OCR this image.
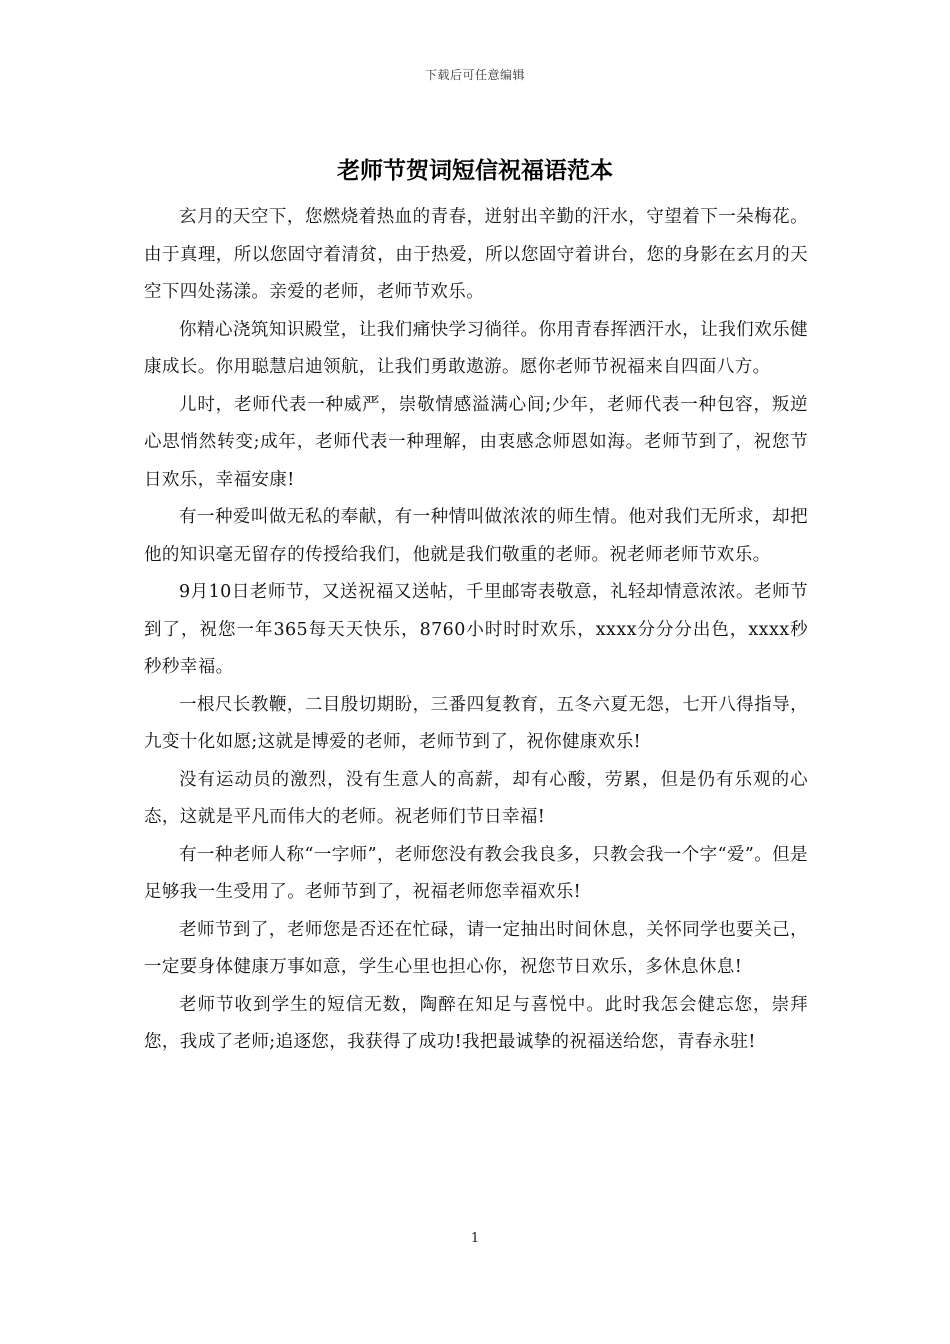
下载后可任意编辑
老师节贺词短信祝福语范本

玄月的天空下，您燃烧着热血的青春，迸射出辛勤的汗水，守望着下一朵梅花。由于真理，所以您固守着清贫，由于热爱，所以您固守着讲台，您的身影在玄月的天空下四处荡漾。亲爱的老师，老师节欢乐。

你精心浇筑知识殿堂，让我们痛快学习徜徉。你用青春挥洒汗水，让我们欢乐健康成长。你用聪慧启迪领航，让我们勇敢遨游。愿你老师节祝福来自四面八方。

儿时，老师代表一种威严，崇敬情感溢满心间;少年，老师代表一种包容，叛逆心思悄然转变;成年，老师代表一种理解，由衷感念师恩如海。老师节到了，祝您节日欢乐，幸福安康!

有一种爱叫做无私的奉献，有一种情叫做浓浓的师生情。他对我们无所求，却把他的知识毫无留存的传授给我们，他就是我们敬重的老师。祝老师老师节欢乐。

9月10日老师节，又送祝福又送帖，千里邮寄表敬意，礼轻却情意浓浓。老师节到了，祝您一年365每天天快乐，8760小时时时欢乐，xxxx分分分出色，xxxx秒秒秒幸福。

一根尺长教鞭，二目殷切期盼，三番四复教育，五冬六夏无怨，七开八得指导，九变十化如愿;这就是博爱的老师，老师节到了，祝你健康欢乐!

没有运动员的激烈，没有生意人的高薪，却有心酸，劳累，但是仍有乐观的心态，这就是平凡而伟大的老师。祝老师们节日幸福!

有一种老师人称“一字师”，老师您没有教会我良多，只教会我一个字“爱”。但是足够我一生受用了。老师节到了，祝福老师您幸福欢乐!

老师节到了，老师您是否还在忙碌，请一定抽出时间休息，关怀同学也要关己，一定要身体健康万事如意，学生心里也担心你，祝您节日欢乐，多休息休息!

老师节收到学生的短信无数，陶醉在知足与喜悦中。此时我怎会健忘您，崇拜您，我成了老师;追逐您，我获得了成功!我把最诚挚的祝福送给您，青春永驻!

1
